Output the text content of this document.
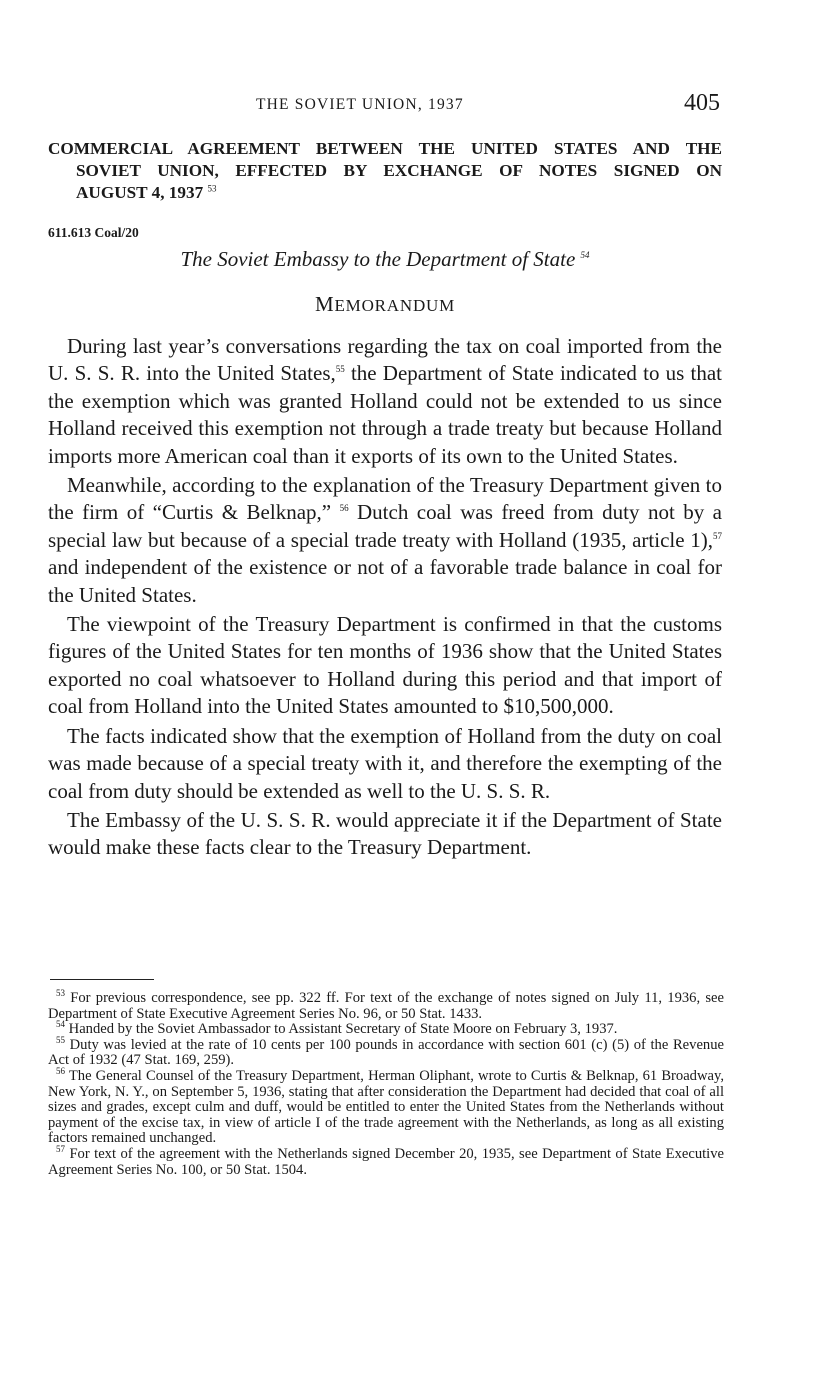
THE SOVIET UNION, 1937	405
COMMERCIAL AGREEMENT BETWEEN THE UNITED STATES AND THE
SOVIET UNION, EFFECTED BY EXCHANGE OF NOTES SIGNED ON
AUGUST 4, 1937 $^{53}$
611.613 Coal/20
The Soviet Embassy to the Department of State $^{54}$
MEMORANDUM

During last year’s conversations regarding the tax on coal imported from the U. S. S. R. into the United States,$^{55}$ the Department of State indicated to us that the exemption which was granted Holland could not be extended to us since Holland received this exemption not through a trade treaty but because Holland imports more American coal than it exports of its own to the United States.

Meanwhile, according to the explanation of the Treasury Department given to the firm of “Curtis & Belknap,” $^{56}$ Dutch coal was freed from duty not by a special law but because of a special trade treaty with Holland (1935, article 1),$^{57}$ and independent of the existence or not of a favorable trade balance in coal for the United States.

The viewpoint of the Treasury Department is confirmed in that the customs figures of the United States for ten months of 1936 show that the United States exported no coal whatsoever to Holland during this period and that import of coal from Holland into the United States amounted to $10,500,000.

The facts indicated show that the exemption of Holland from the duty on coal was made because of a special treaty with it, and therefore the exempting of the coal from duty should be extended as well to the U. S. S. R.

The Embassy of the U. S. S. R. would appreciate it if the Department of State would make these facts clear to the Treasury Department.

$^{53}$ For previous correspondence, see pp. 322 ff. For text of the exchange of notes signed on July 11, 1936, see Department of State Executive Agreement Series No. 96, or 50 Stat. 1433.

$^{54}$ Handed by the Soviet Ambassador to Assistant Secretary of State Moore on February 3, 1937.

$^{55}$ Duty was levied at the rate of 10 cents per 100 pounds in accordance with section 601 (c) (5) of the Revenue Act of 1932 (47 Stat. 169, 259).

$^{56}$ The General Counsel of the Treasury Department, Herman Oliphant, wrote to Curtis & Belknap, 61 Broadway, New York, N. Y., on September 5, 1936, stating that after consideration the Department had decided that coal of all sizes and grades, except culm and duff, would be entitled to enter the United States from the Netherlands without payment of the excise tax, in view of article I of the trade agreement with the Netherlands, as long as all existing factors remained unchanged.

$^{57}$ For text of the agreement with the Netherlands signed December 20, 1935, see Department of State Executive Agreement Series No. 100, or 50 Stat. 1504.
